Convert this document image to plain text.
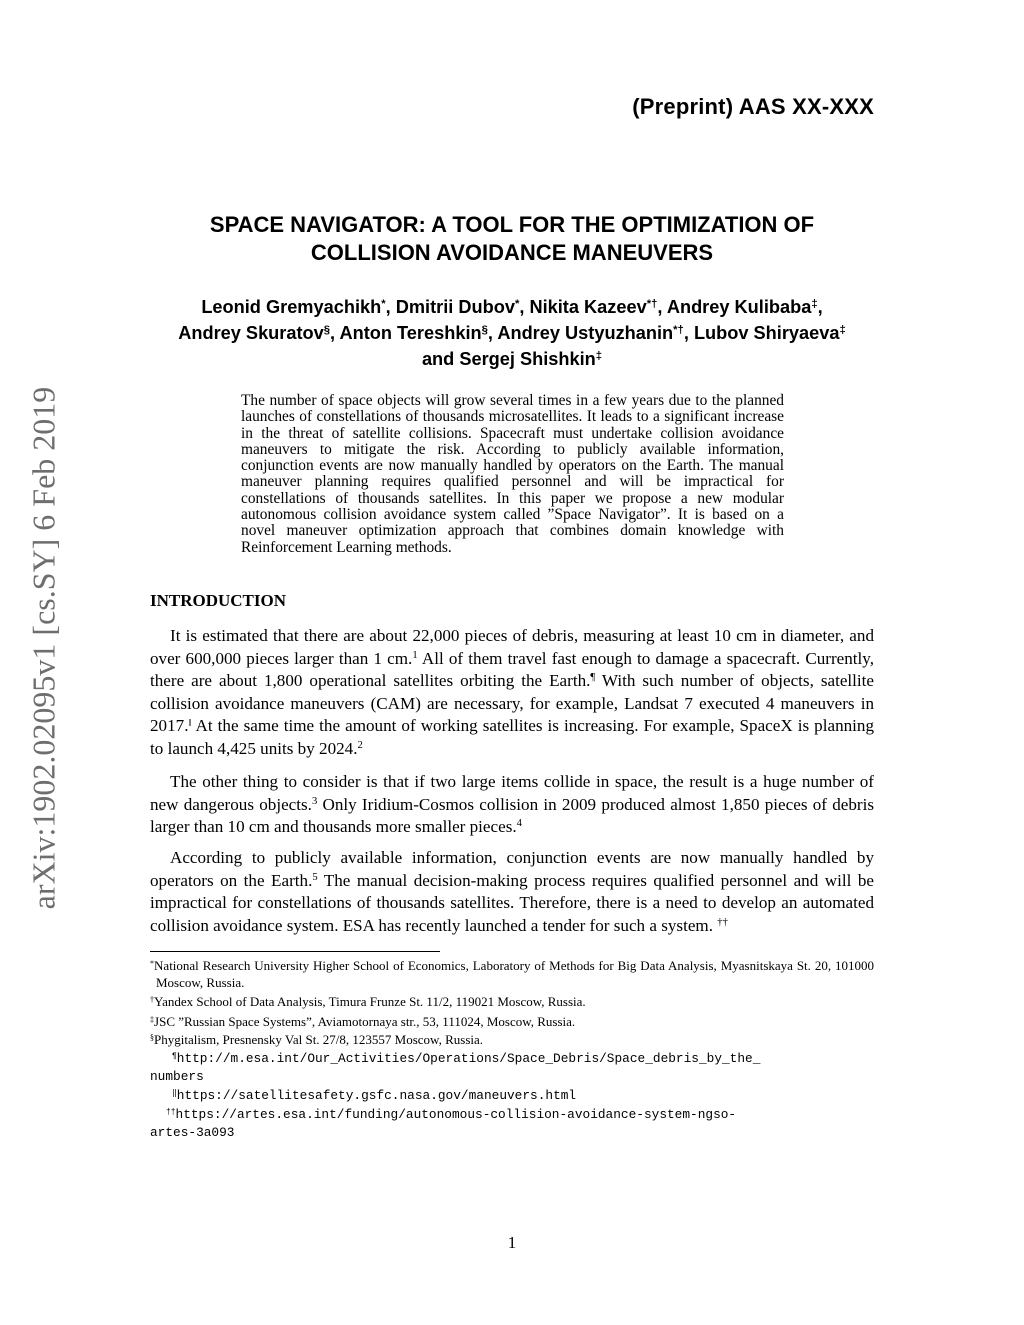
(Preprint) AAS XX-XXX
arXiv:1902.02095v1 [cs.SY] 6 Feb 2019
SPACE NAVIGATOR: A TOOL FOR THE OPTIMIZATION OF
COLLISION AVOIDANCE MANEUVERS
Leonid Gremyachikh*, Dmitrii Dubov*, Nikita Kazeev*†, Andrey Kulibaba‡,
Andrey Skuratov§, Anton Tereshkin§, Andrey Ustyuzhanin*†, Lubov Shiryaeva‡
and Sergej Shishkin‡
The number of space objects will grow several times in a few years due to the planned launches of constellations of thousands microsatellites. It leads to a significant increase in the threat of satellite collisions. Spacecraft must undertake collision avoidance maneuvers to mitigate the risk. According to publicly available information, conjunction events are now manually handled by operators on the Earth. The manual maneuver planning requires qualified personnel and will be impractical for constellations of thousands satellites. In this paper we propose a new modular autonomous collision avoidance system called ”Space Navigator”. It is based on a novel maneuver optimization approach that combines domain knowledge with Reinforcement Learning methods.
INTRODUCTION
It is estimated that there are about 22,000 pieces of debris, measuring at least 10 cm in diameter, and over 600,000 pieces larger than 1 cm.$^1$ All of them travel fast enough to damage a spacecraft. Currently, there are about 1,800 operational satellites orbiting the Earth.¶ With such number of objects, satellite collision avoidance maneuvers (CAM) are necessary, for example, Landsat 7 executed 4 maneuvers in 2017.‖ At the same time the amount of working satellites is increasing. For example, SpaceX is planning to launch 4,425 units by 2024.$^2$
The other thing to consider is that if two large items collide in space, the result is a huge number of new dangerous objects.$^3$ Only Iridium-Cosmos collision in 2009 produced almost 1,850 pieces of debris larger than 10 cm and thousands more smaller pieces.$^4$
According to publicly available information, conjunction events are now manually handled by operators on the Earth.$^5$ The manual decision-making process requires qualified personnel and will be impractical for constellations of thousands satellites. Therefore, there is a need to develop an automated collision avoidance system. ESA has recently launched a tender for such a system. ††
*National Research University Higher School of Economics, Laboratory of Methods for Big Data Analysis, Myasnitskaya St. 20, 101000 Moscow, Russia.
†Yandex School of Data Analysis, Timura Frunze St. 11/2, 119021 Moscow, Russia.
‡JSC ”Russian Space Systems”, Aviamotornaya str., 53, 111024, Moscow, Russia.
§Phygitalism, Presnensky Val St. 27/8, 123557 Moscow, Russia.
¶http://m.esa.int/Our_Activities/Operations/Space_Debris/Space_debris_by_the_
numbers
‖https://satellitesafety.gsfc.nasa.gov/maneuvers.html
††https://artes.esa.int/funding/autonomous-collision-avoidance-system-ngso-
artes-3a093
1
